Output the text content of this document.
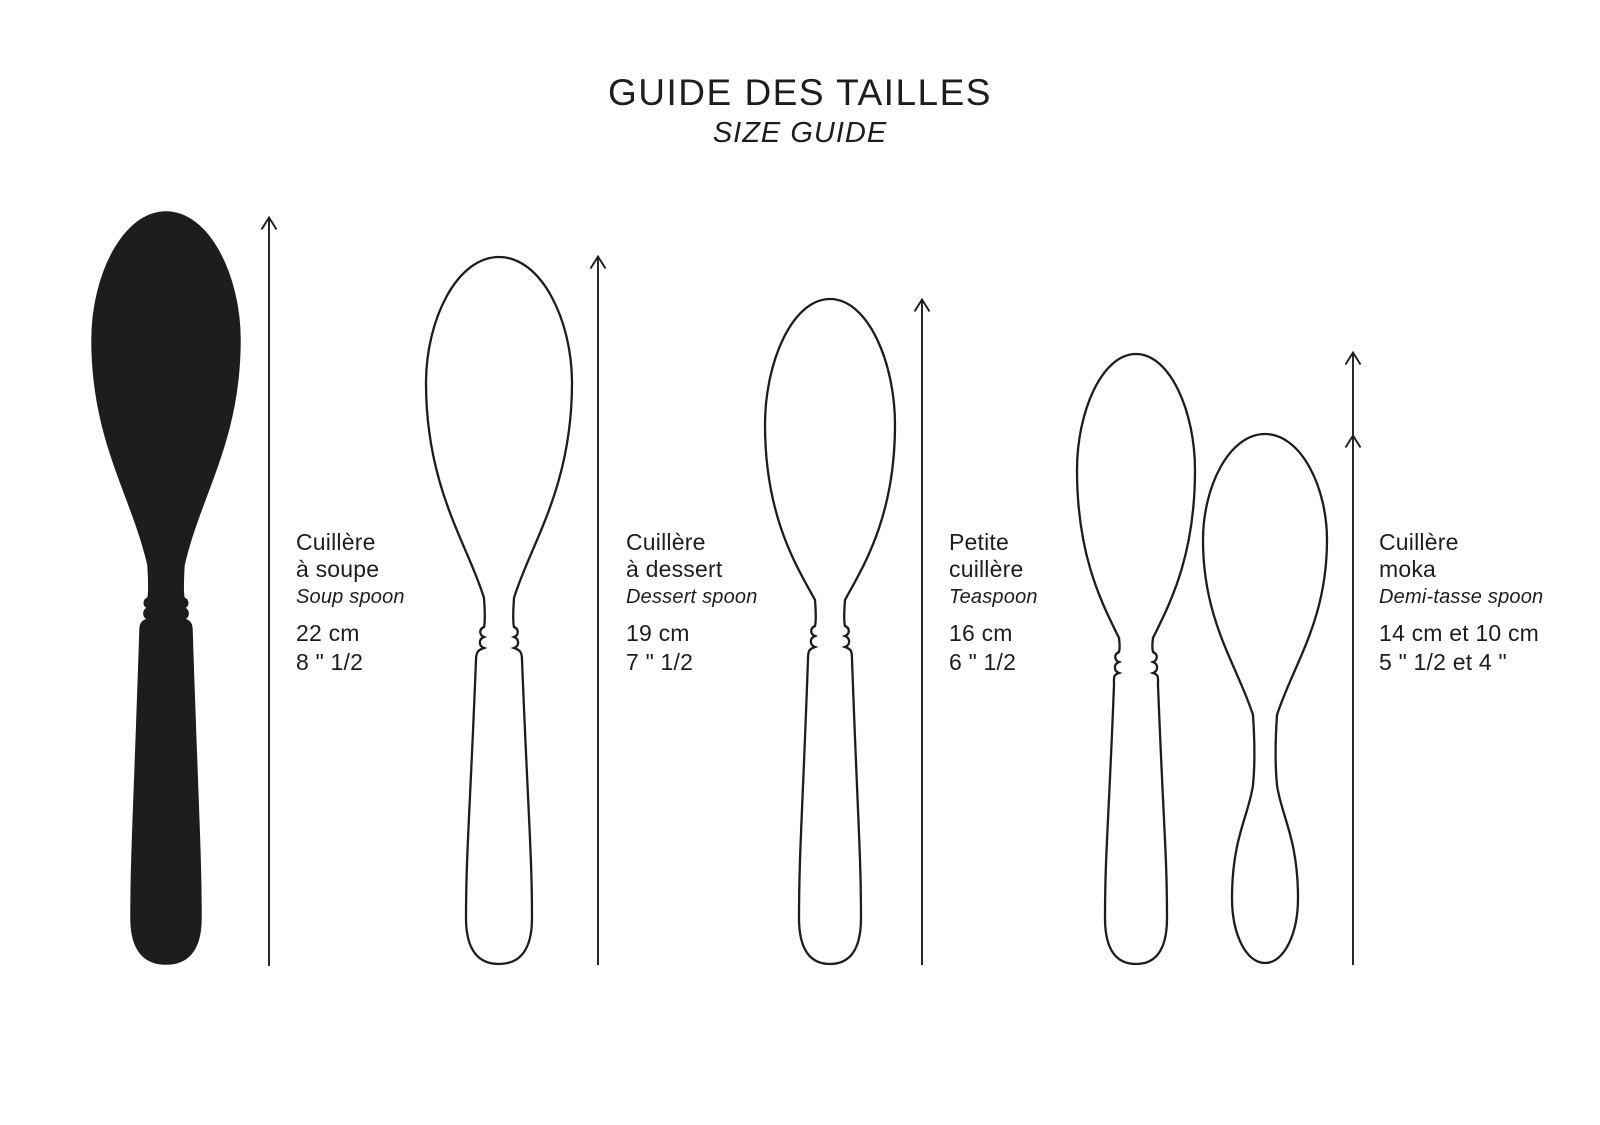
GUIDE DES TAILLES
SIZE GUIDE
Cuillère
à soupe
Soup spoon
22 cm
8 " 1/2
Cuillère
à dessert
Dessert spoon
19 cm
7 " 1/2
Petite
cuillère
Teaspoon
16 cm
6 " 1/2
Cuillère
moka
Demi-tasse spoon
14 cm et 10 cm
5 " 1/2 et 4 "
